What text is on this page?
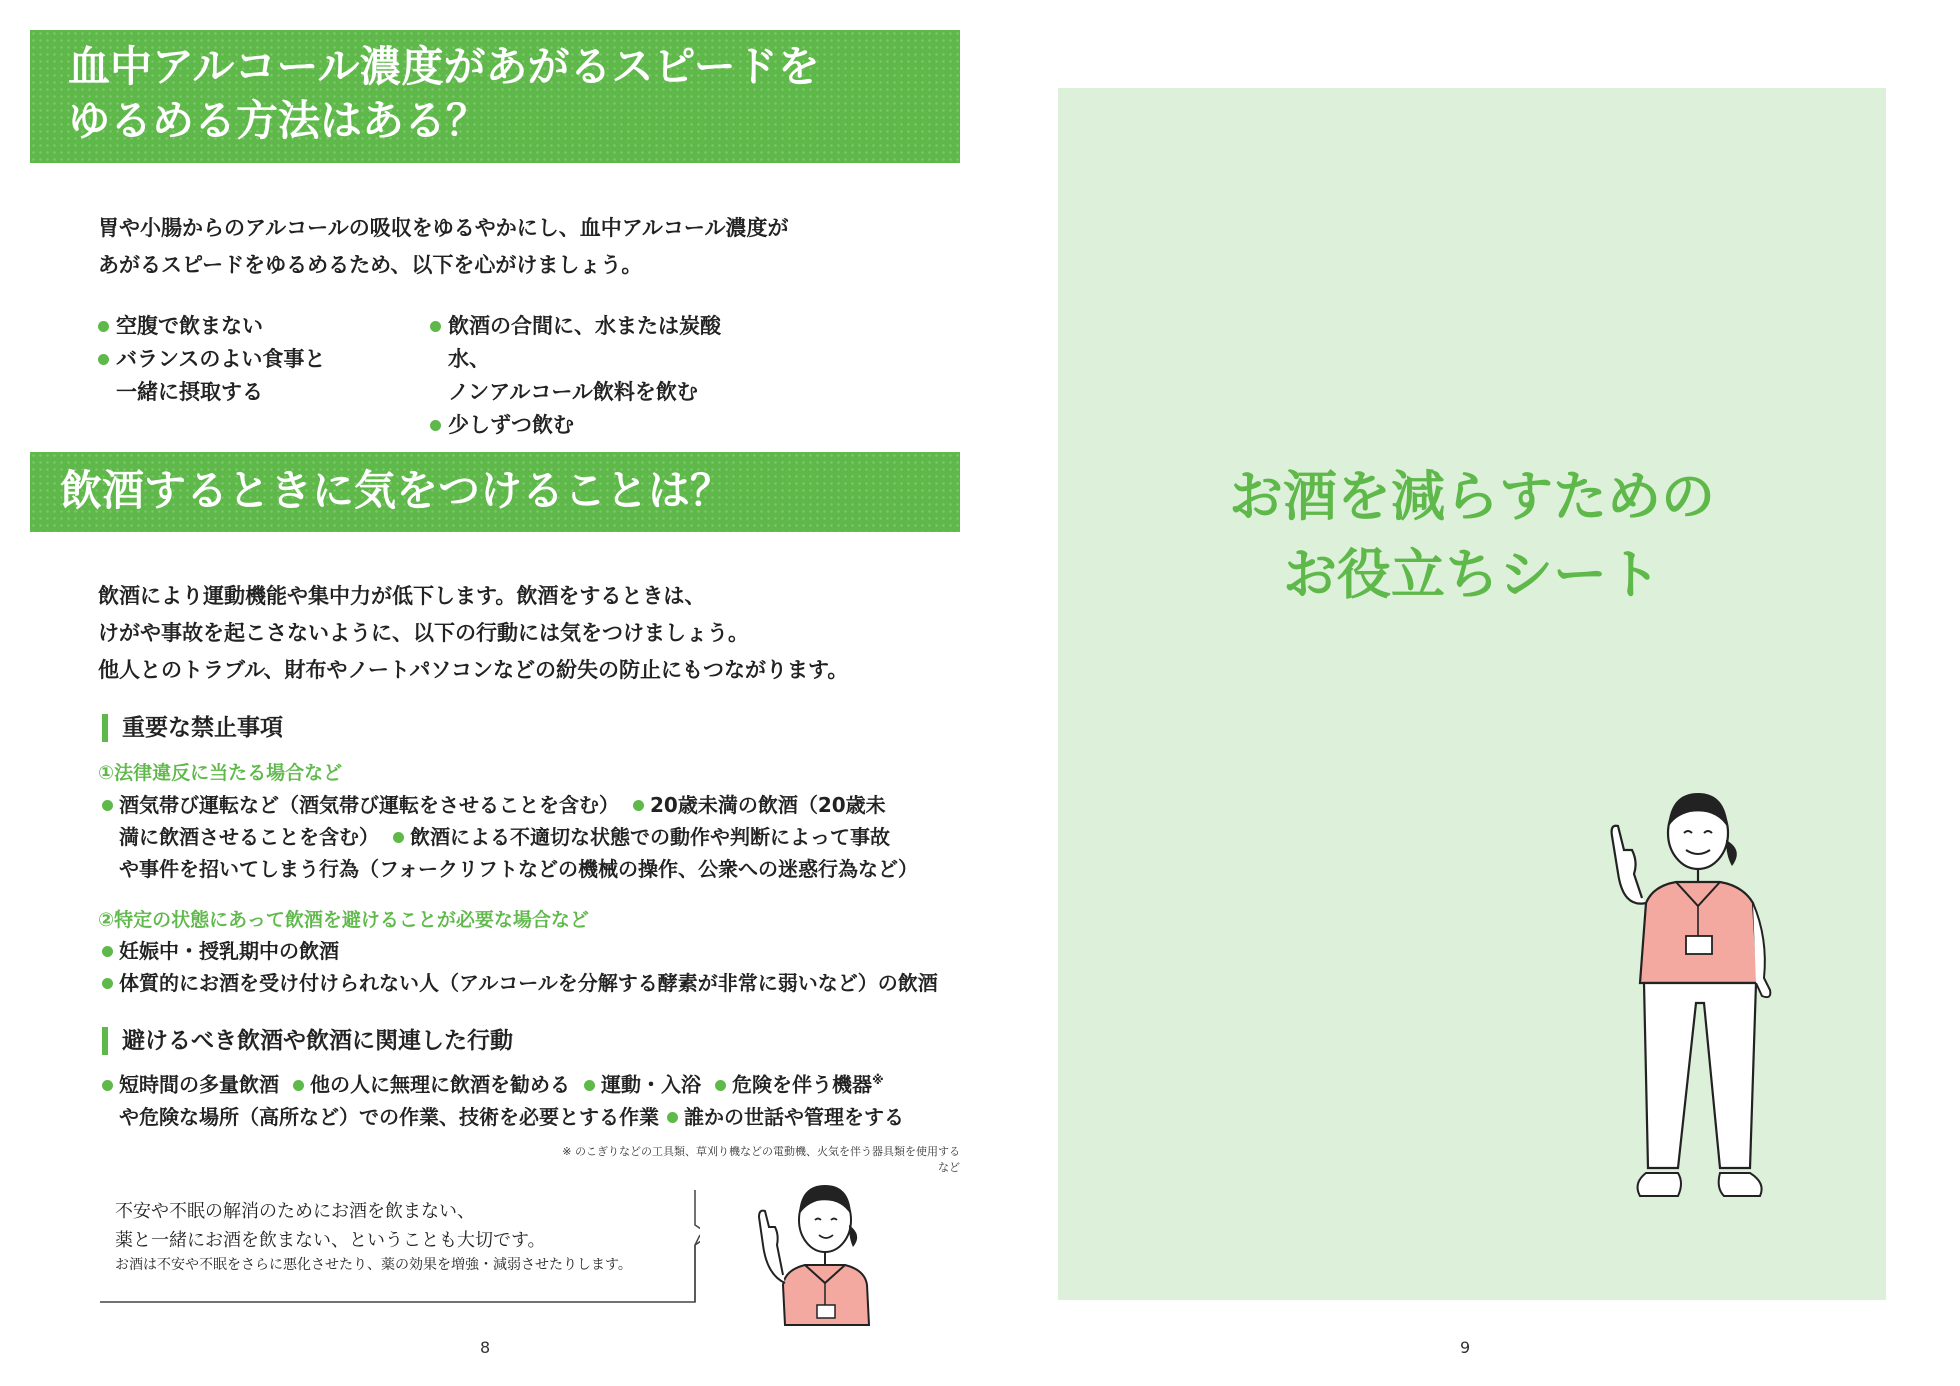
血中アルコール濃度があがるスピードを
ゆるめる方法はある？
胃や小腸からのアルコールの吸収をゆるやかにし、血中アルコール濃度が
あがるスピードをゆるめるため、以下を心がけましょう。
空腹で飲まない
バランスのよい食事と
一緒に摂取する
飲酒の合間に、水または炭酸水、
ノンアルコール飲料を飲む
少しずつ飲む
飲酒するときに気をつけることは？
飲酒により運動機能や集中力が低下します。飲酒をするときは、
けがや事故を起こさないように、以下の行動には気をつけましょう。
他人とのトラブル、財布やノートパソコンなどの紛失の防止にもつながります。
重要な禁止事項
①法律違反に当たる場合など
酒気帯び運転など（酒気帯び運転をさせることを含む） 20歳未満の飲酒（20歳未
満に飲酒させることを含む） 飲酒による不適切な状態での動作や判断によって事故
や事件を招いてしまう行為（フォークリフトなどの機械の操作、公衆への迷惑行為など）
②特定の状態にあって飲酒を避けることが必要な場合など
妊娠中・授乳期中の飲酒
体質的にお酒を受け付けられない人（アルコールを分解する酵素が非常に弱いなど）の飲酒
避けるべき飲酒や飲酒に関連した行動
短時間の多量飲酒 他の人に無理に飲酒を勧める 運動・入浴 危険を伴う機器※
や危険な場所（高所など）での作業、技術を必要とする作業 誰かの世話や管理をする
※ のこぎりなどの工具類、草刈り機などの電動機、火気を伴う器具類を使用するなど
不安や不眠の解消のためにお酒を飲まない、
薬と一緒にお酒を飲まない、ということも大切です。
お酒は不安や不眠をさらに悪化させたり、薬の効果を増強・減弱させたりします。
8
お酒を減らすための
お役立ちシート
9
